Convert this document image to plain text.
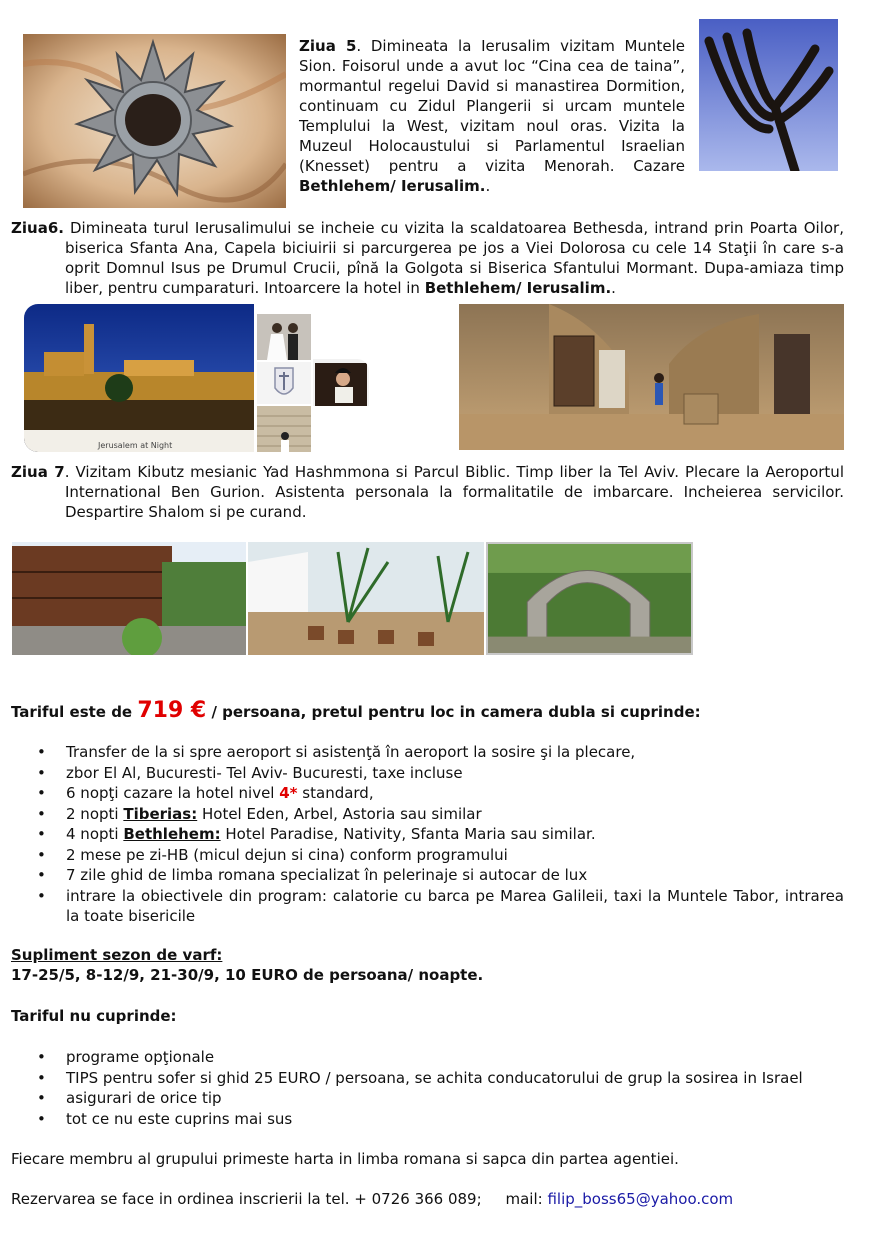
Ziua 5. Dimineata la Ierusalim vizitam Muntele Sion. Foisorul unde a avut loc “Cina cea de taina”, mormantul regelui David si manastirea Dormition, continuam cu Zidul Plangerii si urcam muntele Templului la West, vizitam noul oras. Vizita la Muzeul Holocaustului si Parlamentul Israelian (Knesset) pentru a vizita Menorah. Cazare Bethlehem/ Ierusalim..
Ziua6. Dimineata turul Ierusalimului se incheie cu vizita la scaldatoarea Bethesda, intrand prin Poarta Oilor, biserica Sfanta Ana, Capela biciuirii si parcurgerea pe jos a Viei Dolorosa cu cele 14 Staţii în care s-a oprit Domnul Isus pe Drumul Crucii, pînă la Golgota si Biserica Sfantului Mormant. Dupa-amiaza timp liber, pentru cumparaturi. Intoarcere la hotel in Bethlehem/ Ierusalim..
Jerusalem at Night
Ziua 7. Vizitam Kibutz mesianic Yad Hashmmona si Parcul Biblic. Timp liber la Tel Aviv. Plecare la Aeroportul International Ben Gurion. Asistenta personala la formalitatile de imbarcare. Incheierea servicilor. Despartire Shalom si pe curand.
Tariful este de 719 € / persoana, pretul pentru loc in camera dubla si cuprinde:
• Transfer de la si spre aeroport si asistenţă în aeroport la sosire şi la plecare,
• zbor El Al, Bucuresti- Tel Aviv- Bucuresti, taxe incluse
• 6 nopţi cazare la hotel nivel 4* standard,
• 2 nopti Tiberias: Hotel Eden, Arbel, Astoria sau similar
• 4 nopti Bethlehem: Hotel Paradise, Nativity, Sfanta Maria sau similar.
• 2 mese pe zi-HB (micul dejun si cina) conform programului
• 7 zile ghid de limba romana specializat în pelerinaje si autocar de lux
• intrare la obiectivele din program: calatorie cu barca pe Marea Galileii, taxi la Muntele Tabor, intrarea la toate bisericile
Supliment sezon de varf:
17-25/5, 8-12/9, 21-30/9, 10 EURO de persoana/ noapte.
Tariful nu cuprinde:
• programe opţionale
• TIPS pentru sofer si ghid 25 EURO / persoana, se achita conducatorului de grup la sosirea in Israel
• asigurari de orice tip
• tot ce nu este cuprins mai sus
Fiecare membru al grupului primeste harta in limba romana si sapca din partea agentiei.
Rezervarea se face in ordinea inscrierii la tel. + 0726 366 089; mail: filip_boss65@yahoo.com
